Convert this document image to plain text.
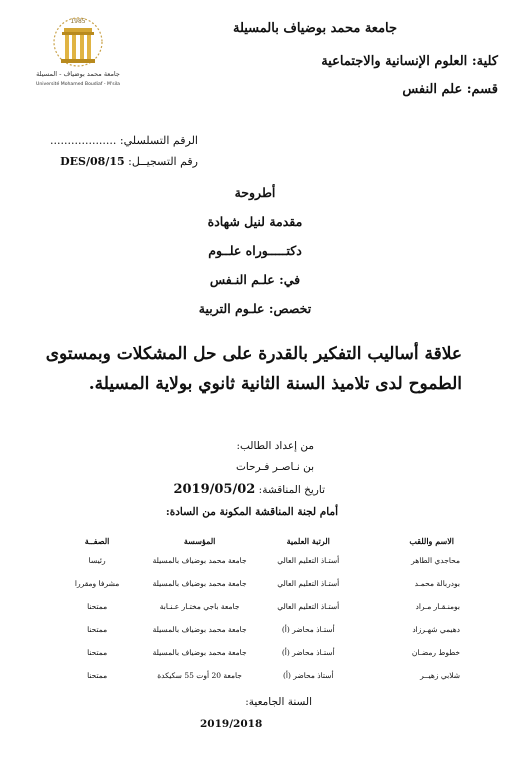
1985
جامعة محمد بوضياف - المسيلة
Université Mohamed Boudiaf - M'sila
جامعة محمد بوضياف بالمسيلة
كلية: العلوم الإنسانية والاجتماعية
قسم: علم النفس
الرقم التسلسلي: ...................
رقم التسجيــل: DES/08/15
أطروحة
مقدمة لنيل شهادة
دكتـــــوراه علــوم
في: علـم النـفس
تخصص: علـوم التربية
علاقة أساليب التفكير بالقدرة على حل المشكلات وبمستوى
الطموح لدى تلاميذ السنة الثانية ثانوي بولاية المسيلة.
من إعداد الطالب:
بن نـاصـر فـرحات
تاريخ المناقشة: 2019/05/02
أمام لجنة المناقشة المكونة من السادة:
الاسم واللقب	الرتبة العلمية	المؤسسة	الصفــة
محاجدي الطاهر	أستـاذ التعليم العالي	جامعة محمد بوضياف بالمسيلة	رئيسا
بودربالة محمـد	أستـاذ التعليم العالي	جامعة محمد بوضياف بالمسيلة	مشرفا ومقررا
بومنـقـار مـراد	أستـاذ التعليم العالي	جامعة باجي مختـار عـنـابة	ممتحنا
دهيمي شهـرزاد	أستـاذ محاضر (أ)	جامعة محمد بوضياف بالمسيلة	ممتحنا
خطوط رمضـان	أستـاذ محاضر (أ)	جامعة محمد بوضياف بالمسيلة	ممتحنا
شلابي زهيــر	أستاذ محاضر (أ)	جامعة 20 أوت 55 سكيكدة	ممتحنا
السنة الجامعية:
2019/2018
